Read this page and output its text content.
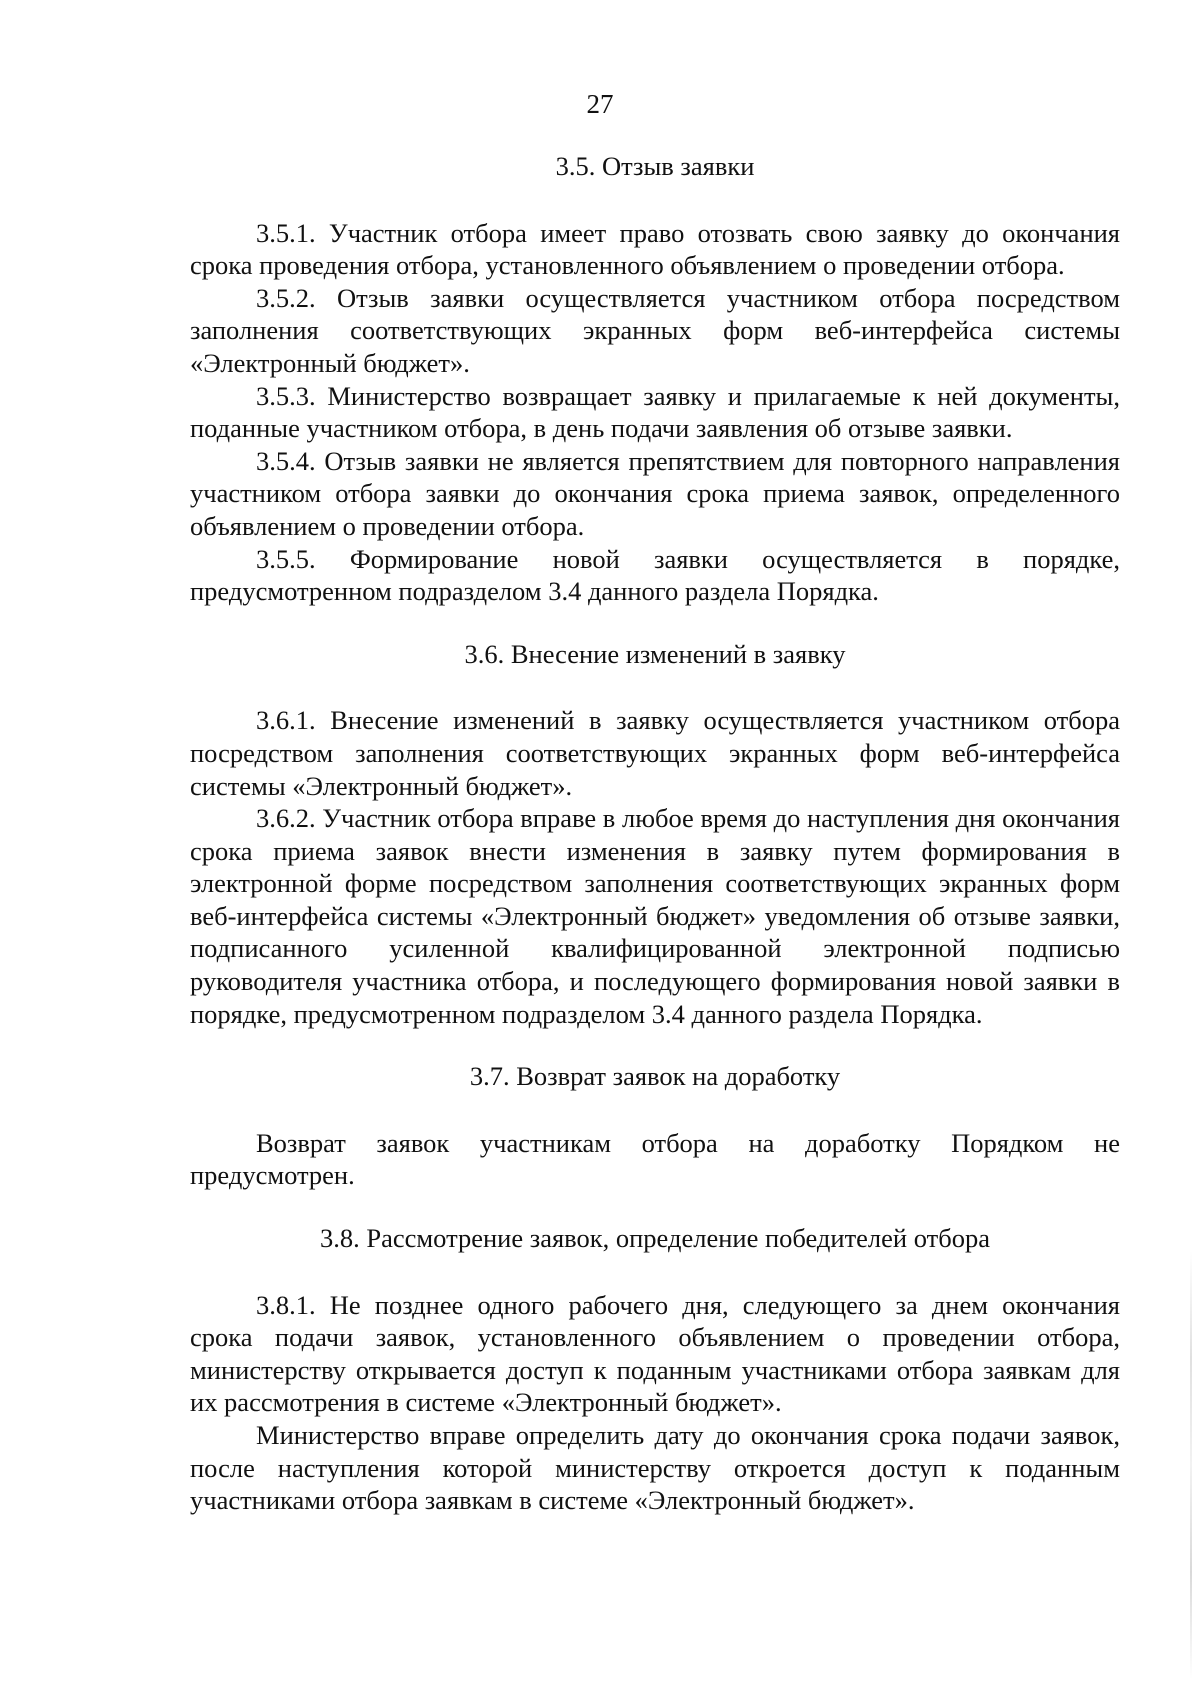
27
3.5. Отзыв заявки

3.5.1. Участник отбора имеет право отозвать свою заявку до окончания срока проведения отбора, установленного объявлением о проведении отбора.

3.5.2. Отзыв заявки осуществляется участником отбора посредством заполнения соответствующих экранных форм веб-интерфейса системы «Электронный бюджет».

3.5.3. Министерство возвращает заявку и прилагаемые к ней документы, поданные участником отбора, в день подачи заявления об отзыве заявки.

3.5.4. Отзыв заявки не является препятствием для повторного направления участником отбора заявки до окончания срока приема заявок, определенного объявлением о проведении отбора.

3.5.5. Формирование новой заявки осуществляется в порядке, предусмотренном подразделом 3.4 данного раздела Порядка.

3.6. Внесение изменений в заявку

3.6.1. Внесение изменений в заявку осуществляется участником отбора посредством заполнения соответствующих экранных форм веб-интерфейса системы «Электронный бюджет».

3.6.2. Участник отбора вправе в любое время до наступления дня окончания срока приема заявок внести изменения в заявку путем формирования в электронной форме посредством заполнения соответствующих экранных форм веб-интерфейса системы «Электронный бюджет» уведомления об отзыве заявки, подписанного усиленной квалифицированной электронной подписью руководителя участника отбора, и последующего формирования новой заявки в порядке, предусмотренном подразделом 3.4 данного раздела Порядка.

3.7. Возврат заявок на доработку

Возврат заявок участникам отбора на доработку Порядком не предусмотрен.

3.8. Рассмотрение заявок, определение победителей отбора

3.8.1. Не позднее одного рабочего дня, следующего за днем окончания срока подачи заявок, установленного объявлением о проведении отбора, министерству открывается доступ к поданным участниками отбора заявкам для их рассмотрения в системе «Электронный бюджет».

Министерство вправе определить дату до окончания срока подачи заявок, после наступления которой министерству откроется доступ к поданным участниками отбора заявкам в системе «Электронный бюджет».
